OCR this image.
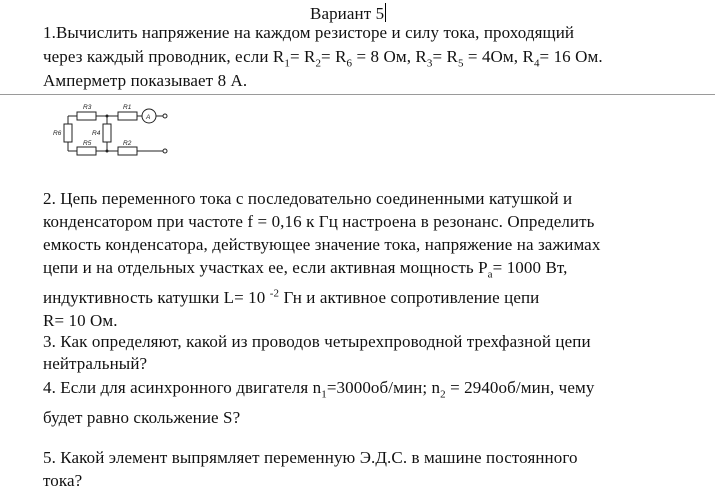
Вариант 5
1.Вычислить напряжение на каждом резисторе и силу тока, проходящий
через каждый проводник, если $R_1= R_2= R_6 = 8$ Ом, $R_3= R_5 = 4Ом$, $R_4= 16$ Ом.
Амперметр показывает 8 А.
R3	R1
A
R6	R4
R5	R2
2. Цепь переменного тока с последовательно соединенными катушкой и
конденсатором при частоте f = 0,16 к Гц настроена в резонанс. Определить
емкость конденсатора, действующее значение тока, напряжение на зажимах
цепи и на отдельных участках ее, если активная мощность $P_a= 1000$ Вт,
индуктивность катушки L= 10 $^{-2}$ Гн и активное сопротивление цепи
R= 10 Ом.
3. Как определяют, какой из проводов четырехпроводной трехфазной цепи
нейтральный?
4. Если для асинхронного двигателя $n_1=3000об$/мин; $n_2 = 2940об/мин$, чему
будет равно скольжение S?
5. Какой элемент выпрямляет переменную Э.Д.С. в машине постоянного
тока?
